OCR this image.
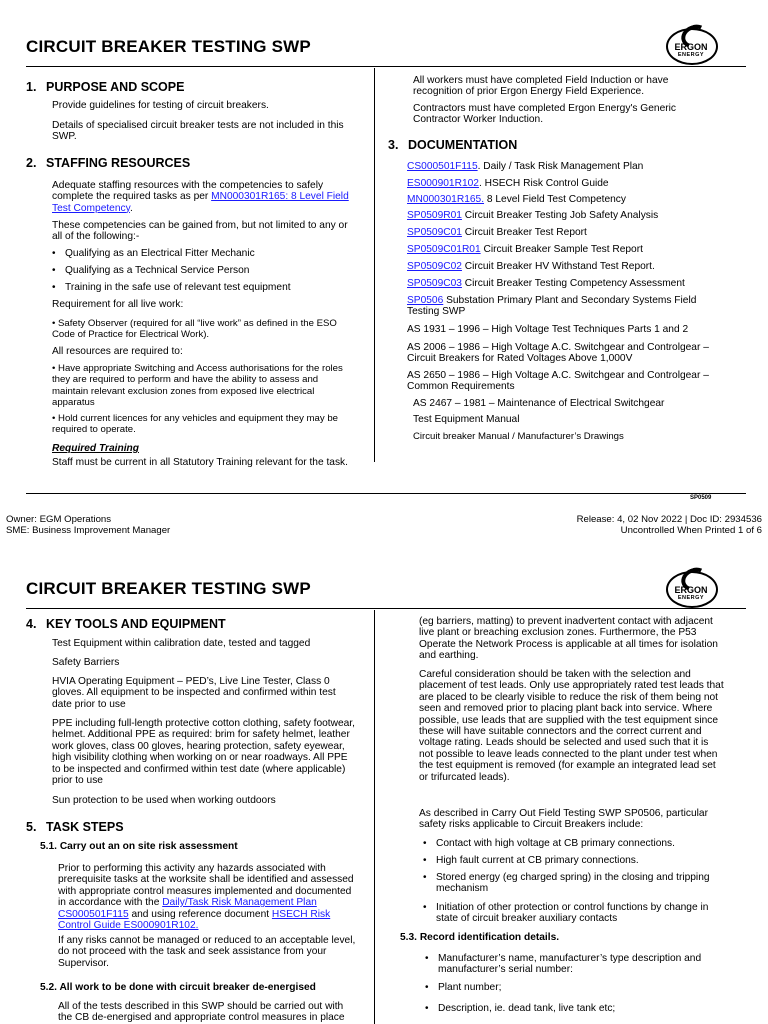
CIRCUIT BREAKER TESTING SWP	ERGON
ENERGY
1. PURPOSE AND SCOPE
Provide guidelines for testing of circuit breakers.
Details of specialised circuit breaker tests are not included in this SWP.
2. STAFFING RESOURCES
Adequate staffing resources with the competencies to safely complete the required tasks as per MN000301R165: 8 Level Field Test Competency.
These competencies can be gained from, but not limited to any or all of the following:-
• Qualifying as an Electrical Fitter Mechanic
• Qualifying as a Technical Service Person
• Training in the safe use of relevant test equipment
Requirement for all live work:
• Safety Observer (required for all “live work” as defined in the ESO Code of Practice for Electrical Work).
All resources are required to:
• Have appropriate Switching and Access authorisations for the roles they are required to perform and have the ability to assess and maintain relevant exclusion zones from exposed live electrical apparatus
• Hold current licences for any vehicles and equipment they may be required to operate.
Required Training
Staff must be current in all Statutory Training relevant for the task.
All workers must have completed Field Induction or have recognition of prior Ergon Energy Field Experience.
Contractors must have completed Ergon Energy's Generic Contractor Worker Induction.
3. DOCUMENTATION
CS000501F115. Daily / Task Risk Management Plan
ES000901R102. HSECH Risk Control Guide
MN000301R165. 8 Level Field Test Competency
SP0509R01 Circuit Breaker Testing Job Safety Analysis
SP0509C01 Circuit Breaker Test Report
SP0509C01R01 Circuit Breaker Sample Test Report
SP0509C02 Circuit Breaker HV Withstand Test Report.
SP0509C03 Circuit Breaker Testing Competency Assessment
SP0506 Substation Primary Plant and Secondary Systems Field Testing SWP
AS 1931 – 1996 – High Voltage Test Techniques Parts 1 and 2
AS 2006 – 1986 – High Voltage A.C. Switchgear and Controlgear – Circuit Breakers for Rated Voltages Above 1,000V
AS 2650 – 1986 – High Voltage A.C. Switchgear and Controlgear – Common Requirements
AS 2467 – 1981 – Maintenance of Electrical Switchgear
Test Equipment Manual
Circuit breaker Manual / Manufacturer’s Drawings
SP0509
Owner: EGM Operations
SME: Business Improvement Manager
Release: 4, 02 Nov 2022 | Doc ID: 2934536
Uncontrolled When Printed 1 of 6
CIRCUIT BREAKER TESTING SWP	ERGON
ENERGY
4. KEY TOOLS AND EQUIPMENT
Test Equipment within calibration date, tested and tagged
Safety Barriers
HVIA Operating Equipment – PED’s, Live Line Tester, Class 0 gloves. All equipment to be inspected and confirmed within test date prior to use
PPE including full-length protective cotton clothing, safety footwear, helmet. Additional PPE as required: brim for safety helmet, leather work gloves, class 00 gloves, hearing protection, safety eyewear, high visibility clothing when working on or near roadways. All PPE to be inspected and confirmed within test date (where applicable) prior to use
Sun protection to be used when working outdoors
5. TASK STEPS
5.1. Carry out an on site risk assessment
Prior to performing this activity any hazards associated with prerequisite tasks at the worksite shall be identified and assessed with appropriate control measures implemented and documented in accordance with the Daily/Task Risk Management Plan CS000501F115 and using reference document HSECH Risk Control Guide ES000901R102.
If any risks cannot be managed or reduced to an acceptable level, do not proceed with the task and seek assistance from your Supervisor.
5.2. All work to be done with circuit breaker de-energised
All of the tests described in this SWP should be carried out with the CB de-energised and appropriate control measures in place
(eg barriers, matting) to prevent inadvertent contact with adjacent live plant or breaching exclusion zones. Furthermore, the P53 Operate the Network Process is applicable at all times for isolation and earthing.
Careful consideration should be taken with the selection and placement of test leads. Only use appropriately rated test leads that are placed to be clearly visible to reduce the risk of them being not seen and removed prior to placing plant back into service. Where possible, use leads that are supplied with the test equipment since these will have suitable connectors and the correct current and voltage rating. Leads should be selected and used such that it is not possible to leave leads connected to the plant under test when the test equipment is removed (for example an integrated lead set or trifurcated leads).
As described in Carry Out Field Testing SWP SP0506, particular safety risks applicable to Circuit Breakers include:
• Contact with high voltage at CB primary connections.
• High fault current at CB primary connections.
• Stored energy (eg charged spring) in the closing and tripping mechanism
• Initiation of other protection or control functions by change in state of circuit breaker auxiliary contacts
5.3. Record identification details.
• Manufacturer’s name, manufacturer’s type description and manufacturer’s serial number:
• Plant number;
• Description, ie. dead tank, live tank etc;
